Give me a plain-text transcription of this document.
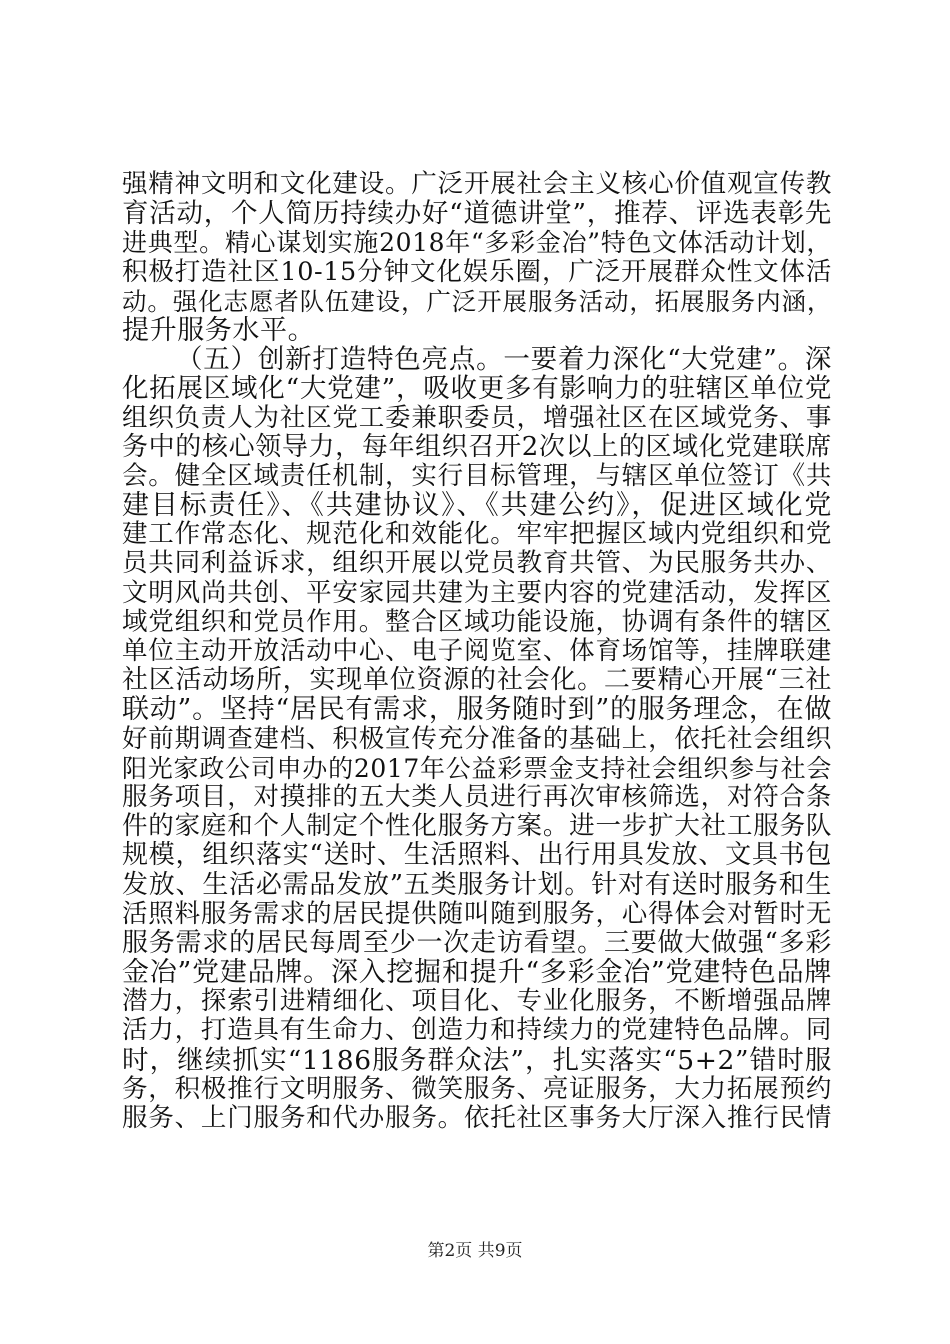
强精神文明和文化建设。广泛开展社会主义核心价值观宣传教

育活动，个人简历持续办好“道德讲堂”，推荐、评选表彰先

进典型。精心谋划实施2018年“多彩金冶”特色文体活动计划，

积极打造社区10-15分钟文化娱乐圈，广泛开展群众性文体活

动。强化志愿者队伍建设，广泛开展服务活动，拓展服务内涵，

提升服务水平。

（五）创新打造特色亮点。一要着力深化“大党建”。深

化拓展区域化“大党建”，吸收更多有影响力的驻辖区单位党

组织负责人为社区党工委兼职委员，增强社区在区域党务、事

务中的核心领导力，每年组织召开2次以上的区域化党建联席

会。健全区域责任机制，实行目标管理，与辖区单位签订《共

建目标责任》、《共建协议》、《共建公约》，促进区域化党

建工作常态化、规范化和效能化。牢牢把握区域内党组织和党

员共同利益诉求，组织开展以党员教育共管、为民服务共办、

文明风尚共创、平安家园共建为主要内容的党建活动，发挥区

域党组织和党员作用。整合区域功能设施，协调有条件的辖区

单位主动开放活动中心、电子阅览室、体育场馆等，挂牌联建

社区活动场所，实现单位资源的社会化。二要精心开展“三社

联动”。坚持“居民有需求，服务随时到”的服务理念，在做

好前期调查建档、积极宣传充分准备的基础上，依托社会组织

阳光家政公司申办的2017年公益彩票金支持社会组织参与社会

服务项目，对摸排的五大类人员进行再次审核筛选，对符合条

件的家庭和个人制定个性化服务方案。进一步扩大社工服务队

规模，组织落实“送时、生活照料、出行用具发放、文具书包

发放、生活必需品发放”五类服务计划。针对有送时服务和生

活照料服务需求的居民提供随叫随到服务，心得体会对暂时无

服务需求的居民每周至少一次走访看望。三要做大做强“多彩

金冶”党建品牌。深入挖掘和提升“多彩金冶”党建特色品牌

潜力，探索引进精细化、项目化、专业化服务，不断增强品牌

活力，打造具有生命力、创造力和持续力的党建特色品牌。同

时，继续抓实“1186服务群众法”，扎实落实“5+2”错时服

务，积极推行文明服务、微笑服务、亮证服务，大力拓展预约

服务、上门服务和代办服务。依托社区事务大厅深入推行民情

第2页 共9页
